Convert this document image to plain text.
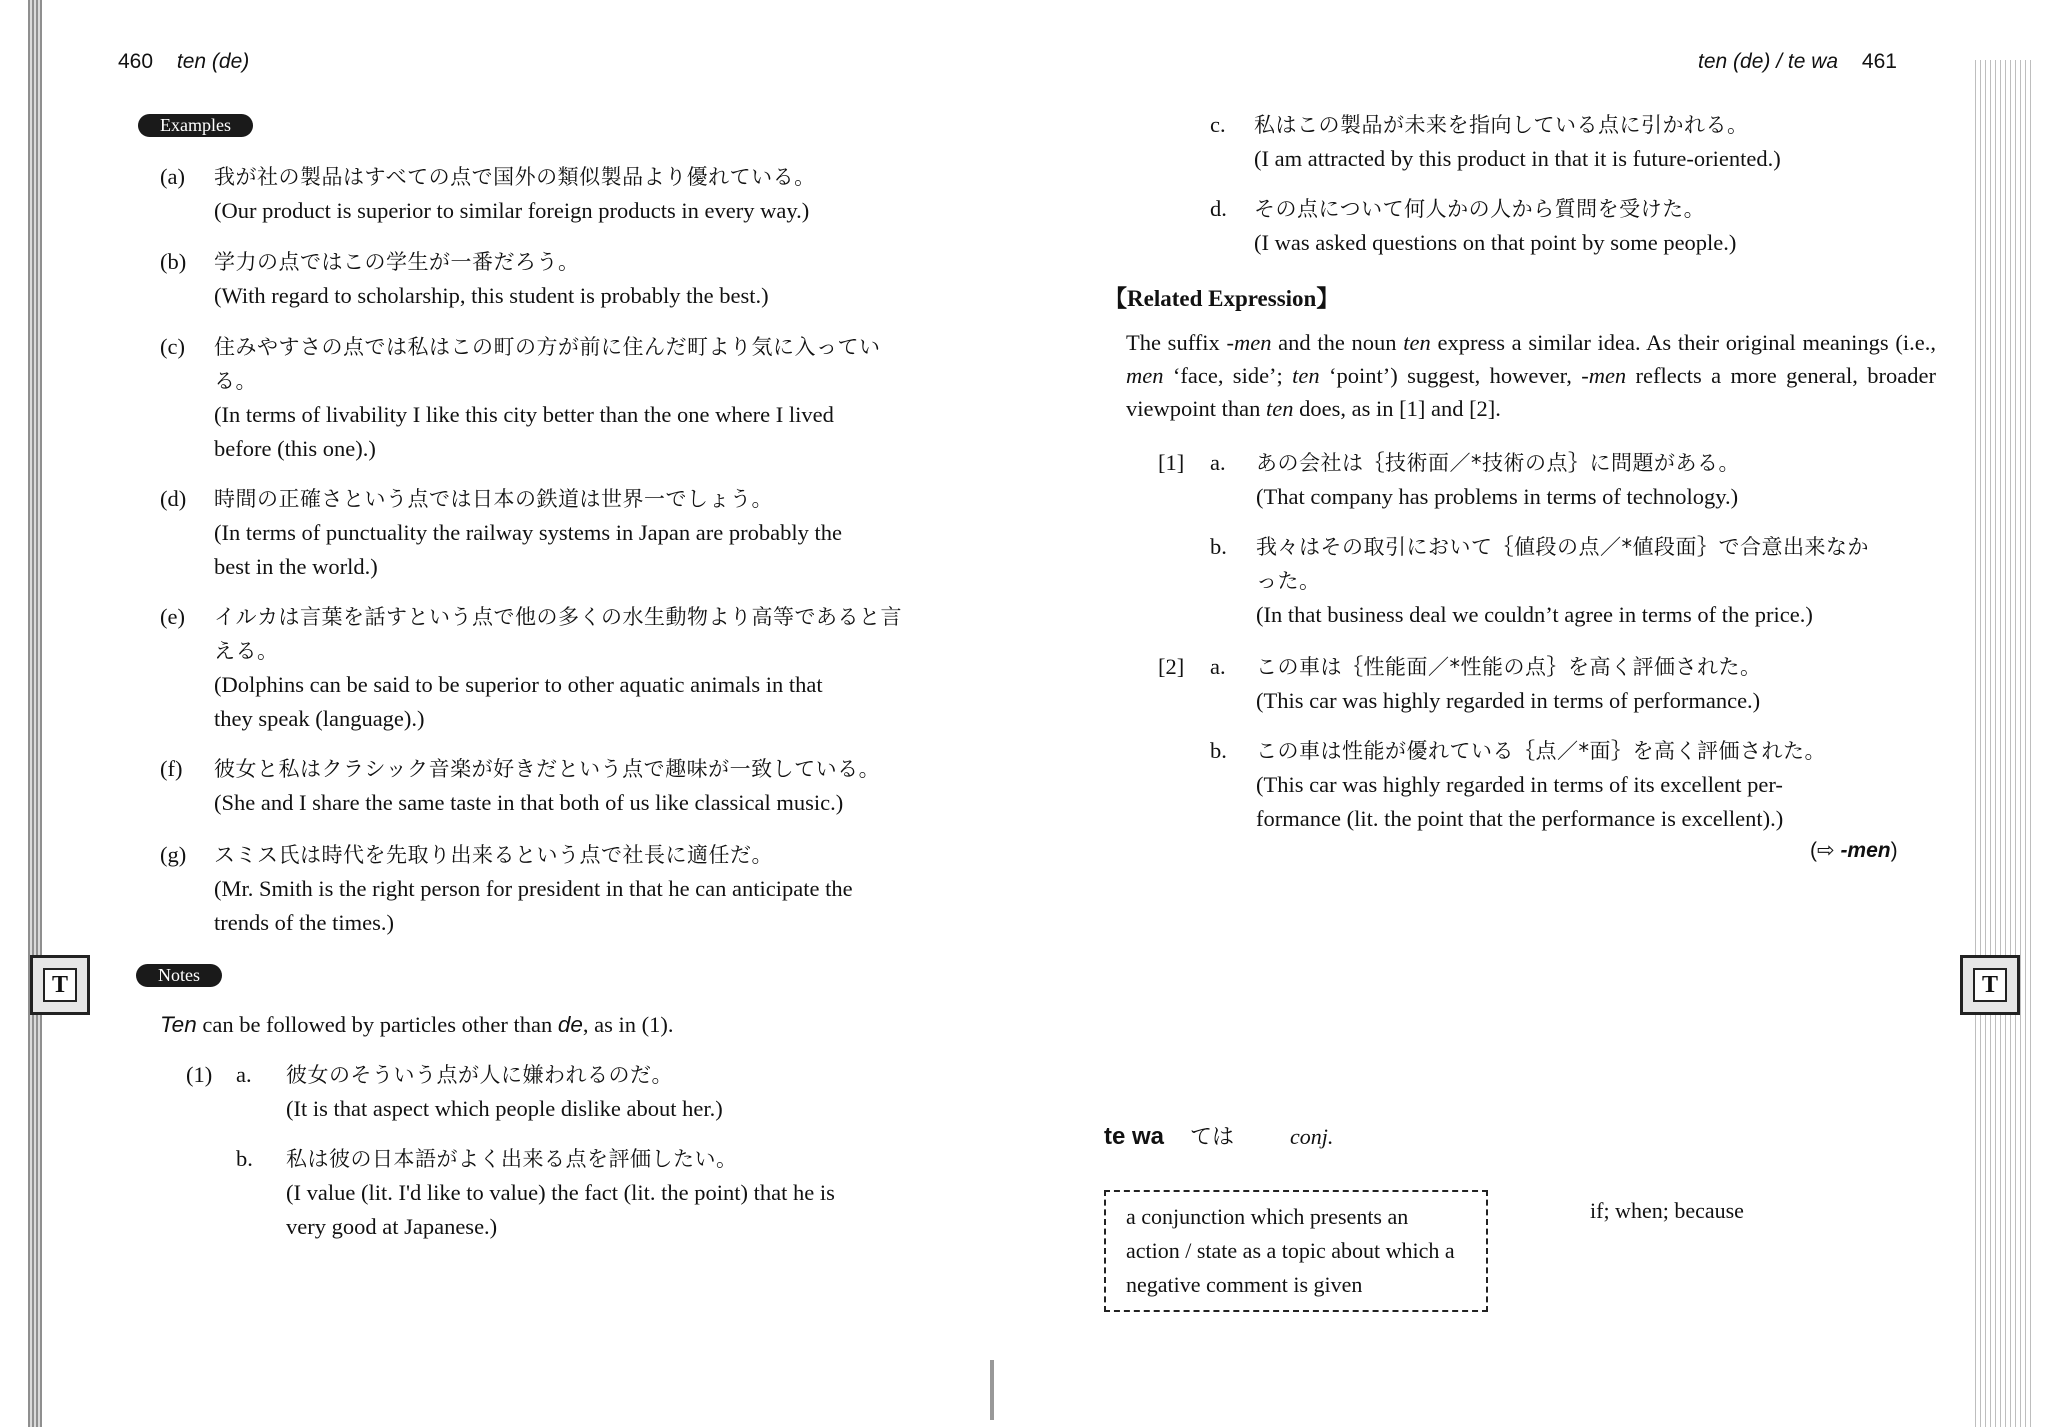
460 ten (de)
Examples
(a) 我が社の製品はすべての点で国外の類似製品より優れている。
(Our product is superior to similar foreign products in every way.)
(b) 学力の点ではこの学生が一番だろう。
(With regard to scholarship, this student is probably the best.)
(c) 住みやすさの点では私はこの町の方が前に住んだ町より気に入ってい
る。
(In terms of livability I like this city better than the one where I lived
before (this one).)
(d) 時間の正確さという点では日本の鉄道は世界一でしょう。
(In terms of punctuality the railway systems in Japan are probably the
best in the world.)
(e) イルカは言葉を話すという点で他の多くの水生動物より高等であると言
える。
(Dolphins can be said to be superior to other aquatic animals in that
they speak (language).)
(f) 彼女と私はクラシック音楽が好きだという点で趣味が一致している。
(She and I share the same taste in that both of us like classical music.)
(g) スミス氏は時代を先取り出来るという点で社長に適任だ。
(Mr. Smith is the right person for president in that he can anticipate the
trends of the times.)
T	Notes
Ten can be followed by particles other than de, as in (1).
(1) a. 彼女のそういう点が人に嫌われるのだ。
(It is that aspect which people dislike about her.)
b. 私は彼の日本語がよく出来る点を評価したい。
(I value (lit. I'd like to value) the fact (lit. the point) that he is
very good at Japanese.)
ten (de) / te wa 461
c. 私はこの製品が未来を指向している点に引かれる。
(I am attracted by this product in that it is future-oriented.)
d. その点について何人かの人から質問を受けた。
(I was asked questions on that point by some people.)
【Related Expression】
The suffix -men and the noun ten express a similar idea. As their original meanings (i.e., men ‘face, side’; ten ‘point’) suggest, however, -men reflects a more general, broader viewpoint than ten does, as in [1] and [2].
[1] a. あの会社は｛技術面／*技術の点｝に問題がある。
(That company has problems in terms of technology.)
b. 我々はその取引において｛値段の点／*値段面｝で合意出来なか
った。
(In that business deal we couldn’t agree in terms of the price.)
[2] a. この車は｛性能面／*性能の点｝を高く評価された。
(This car was highly regarded in terms of performance.)
b. この車は性能が優れている｛点／*面｝を高く評価された。
(This car was highly regarded in terms of its excellent per-
formance (lit. the point that the performance is excellent).)
(⇨ -men)
T
te wa ては	conj.
a conjunction which presents an action / state as a topic about which a negative comment is given
if; when; because
